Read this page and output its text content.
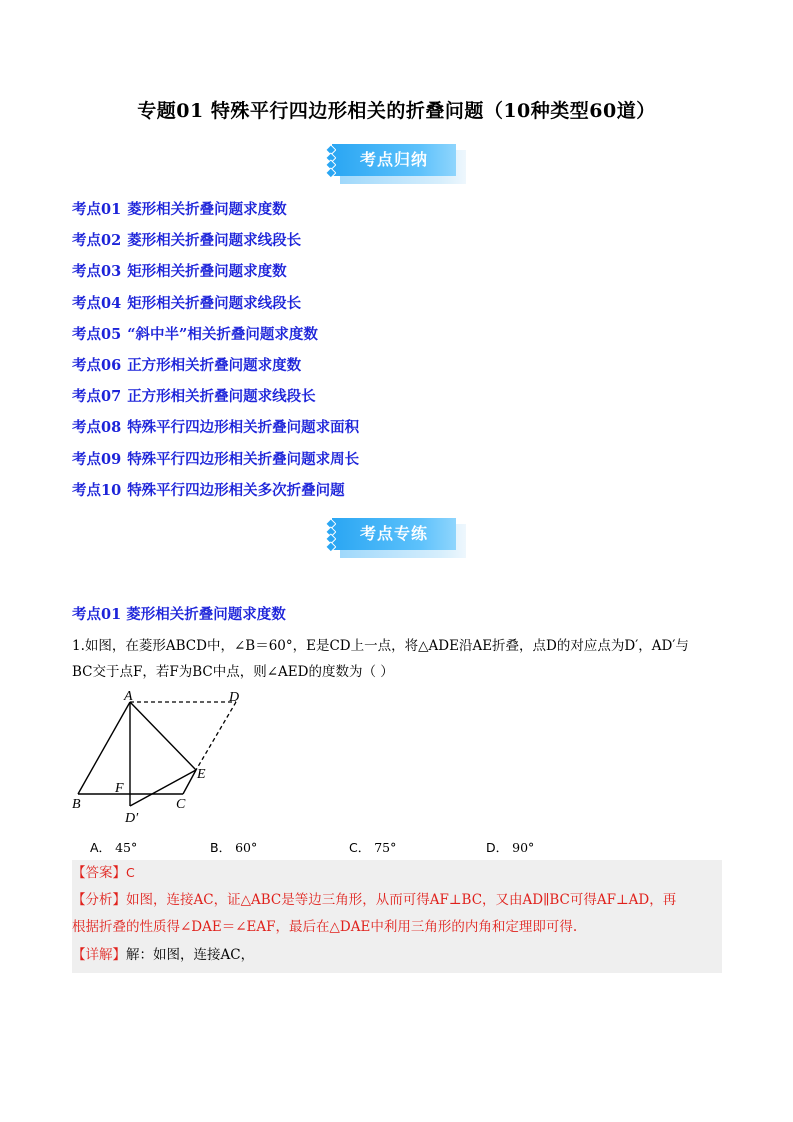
专题01 特殊平行四边形相关的折叠问题（10种类型60道）
考点归纳
考点01 菱形相关折叠问题求度数
考点02 菱形相关折叠问题求线段长
考点03 矩形相关折叠问题求度数
考点04 矩形相关折叠问题求线段长
考点05 “斜中半”相关折叠问题求度数
考点06 正方形相关折叠问题求度数
考点07 正方形相关折叠问题求线段长
考点08 特殊平行四边形相关折叠问题求面积
考点09 特殊平行四边形相关折叠问题求周长
考点10 特殊平行四边形相关多次折叠问题
考点专练
考点01 菱形相关折叠问题求度数
1.如图，在菱形ABCD中，∠B＝60°，E是CD上一点，将△ADE沿AE折叠，点D的对应点为D′，AD′与
BC交于点F，若F为BC中点，则∠AED的度数为（ ）
A	D
B
F
C
E
D′
A． 45°	B． 60°	C． 75°	D． 90°
【答案】C
【分析】如图，连接AC，证△ABC是等边三角形，从而可得AF⊥BC，又由AD∥BC可得AF⊥AD，再
根据折叠的性质得∠DAE＝∠EAF，最后在△DAE中利用三角形的内角和定理即可得.
【详解】解：如图，连接AC，
